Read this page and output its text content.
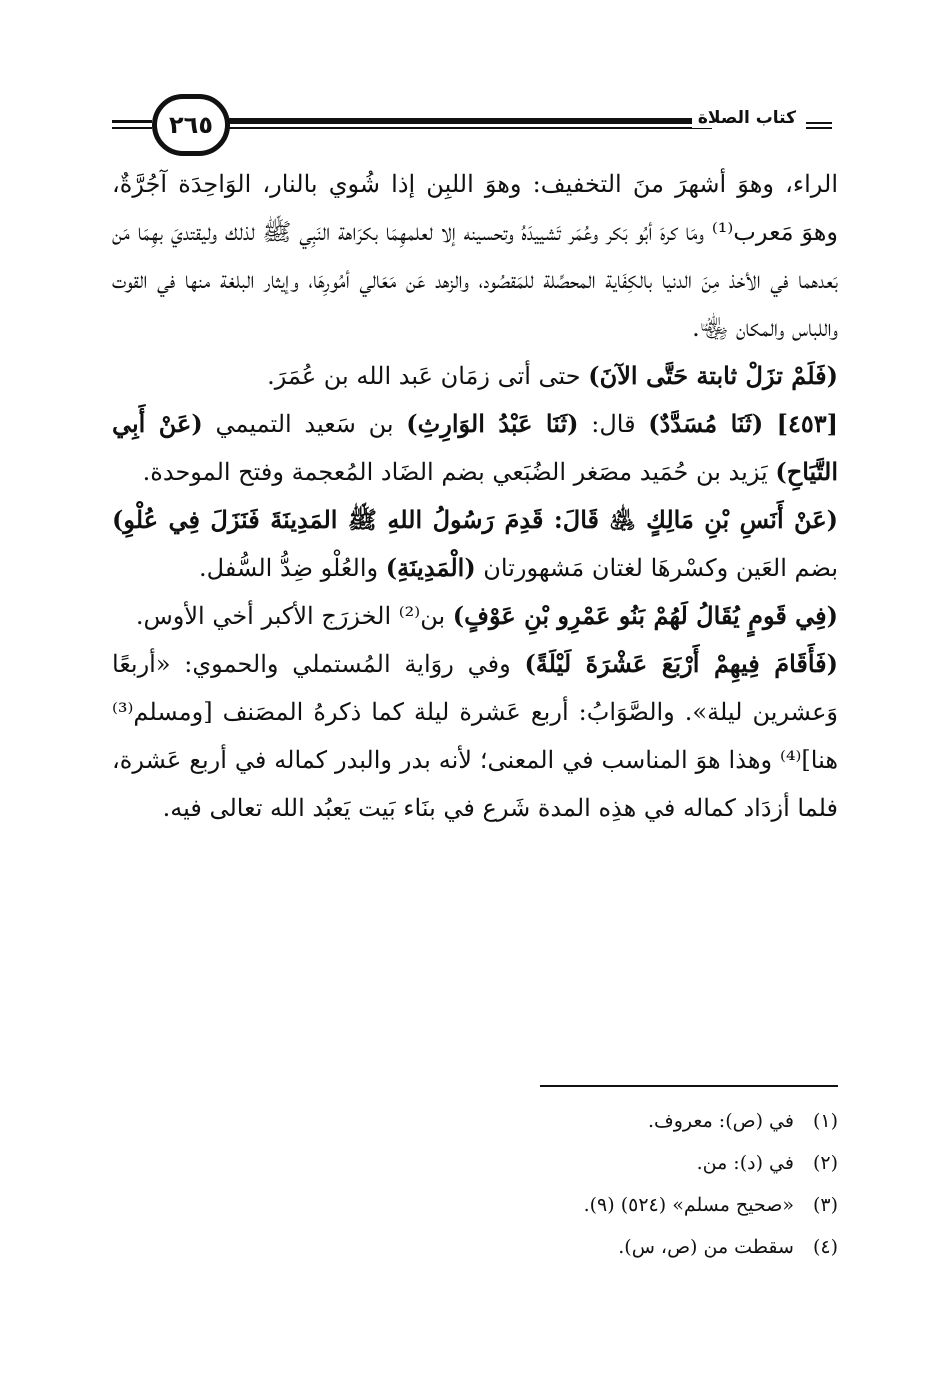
٢٦٥	كتاب الصلاة

الراء، وهوَ أشهرَ منَ التخفيف: وهوَ اللبِن إذا شُوي بالنار، الوَاحِدَة آجُرَّةٌ، وهوَ مَعرب⁽¹⁾ ومَا كرهَ أبُو بَكر وعُمَر تَشييدَهُ وتحسينه إلا لعلمهِمَا بكرَاهة النَبِي ﷺ لذلك وليقتديَ بهِمَا مَن بَعدهما في الأخذ مِنَ الدنيا بالكِفَاية المحصِّلة للمَقصُود، والزهد عَن مَعَالي أمُورِهَا، وإيثار البلغة منها في القوت واللباس والمكان ﵄.

(فَلَمْ تزَلْ ثابتة حَتَّى الآنَ) حتى أتى زمَان عَبد الله بن عُمَرَ.

[٤٥٣] (ثَنَا مُسَدَّدٌ) قال: (ثَنَا عَبْدُ الوَارِثِ) بن سَعيد التميمي (عَنْ أَبِي التَّيَاحِ) يَزيد بن حُمَيد مصَغر الضُبَعي بضم الضَاد المُعجمة وفتح الموحدة.

(عَنْ أَنَسِ بْنِ مَالِكٍ ﵁ قَالَ: قَدِمَ رَسُولُ اللهِ ﷺ المَدِينَةَ فَنَزَلَ فِي عُلْوِ) بضم العَين وكسْرهَا لغتان مَشهورتان (الْمَدِينَةِ) والعُلْو ضِدُّ السُّفل.

(فِي قَومٍ يُقَالُ لَهُمْ بَنُو عَمْرِو بْنِ عَوْفٍ) بن⁽²⁾ الخزرَج الأكبر أخي الأوس.

(فَأَقَامَ فِيهِمْ أَرْبَعَ عَشْرَةَ لَيْلَةً) وفي روَاية المُستملي والحموي: «أربعًا وَعشرين ليلة». والصَّوَابُ: أربع عَشرة ليلة كما ذكرهُ المصَنف [ومسلم⁽³⁾ هنا]⁽⁴⁾ وهذا هوَ المناسب في المعنى؛ لأنه بدر والبدر كماله في أربع عَشرة، فلما أزدَاد كماله في هذِه المدة شَرع في بنَاء بَيت يَعبُد الله تعالى فيه.

(١) في (ص): معروف.
(٢) في (د): من.
(٣) «صحيح مسلم» (٥٢٤) (٩).
(٤) سقطت من (ص، س).
